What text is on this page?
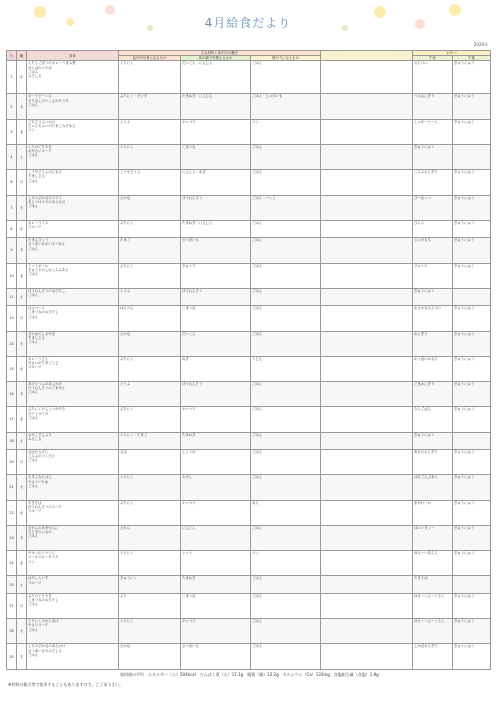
4月給食だより
2020年
日	曜	昼食	主な材料と体内での働き				おやつ	
			血や肉や骨になるもの	体の調子を整えるもの	熱や力になるもの		午前	午後
1	水	とりとごぼうのカレーうまみ煮
かんぱのいため
ごはん
みそしる	とりにく	だいこん・にんじん	ごはん		せんべい	ぎゅうにゅう
2	木	ポークビーンズ
きりぼしだいこんのサラダ
ごはん	ぶたにく・だいず	たまねぎ・にんじん	ごはん・じゃがいも		つるおにぎり	ぎゅうにゅう
3	金	ごちそうぶっかけ
ちゃんちゃいのたまごみそあえ
パン	とうふ	キャベツ	パン		しゃがーとーと	ぎゅうにゅう
4	土	とりのてりやき
おやさいスープ
ごはん	とりにく	こまつな	ごはん		ぎゅうにゅう	
6	月	こうやどうふのにもの
すましじる
ごはん	こうやどうふ	にんじん・ねぎ	ごはん		こんぶおにぎり	ぎゅうにゅう
7	火	しろみざかなのフライ
あじつけのりのあえもの
ごはん	さかな	ほうれんそう	ごはん・パンこ		ぴーなっつ	ぎゅうにゅう
8	水	カレーライス
フルーツ	ぶたにく	たまねぎ・にんじん	ごはん		ひらら	ぎゅうにゅう
9	木	たまんぴょう
さつまいものいそべあえ
ごはん	たまご	さつまいも	ごはん		じゃがもち	ぎゅうにゅう
10	金	ミートボール
きゅうりのしおこんぶあえ
ごはん	ぶたにく	きゅうり	ごはん		フルーツ	ぎゅうにゅう
11	土	ほうれんそうのおひたし
ごはん	とうふ	ほうれんそう	ごはん		ぎゅうにゅう	
13	月	はんぺーぐ
こまつなのおひたし
ごはん	はんぺん	こまつな	ごはん		おさかなせんべい	ぎゅうにゅう
14	火	さかなのしおやき
すましじる
ごはん	さかな	だいこん	ごはん		おにぎり	ぎゅうにゅう
15	水	カレーうどん
やさいのたまごとじ
フルーツ	ぶたにく	ねぎ	うどん		おうぼいおもち	ぎゅうにゅう
16	木	あげとうふのあんかけ
ほうれんそうのごまあえ
ごはん	とうふ	ほうれんそう	ごはん		ごまおにぎり	ぎゅうにゅう
17	金	ぶたにくのしょうがやき
ポテトサラダ
ごはん	ぶたにく	キャベツ	ごはん		りんごぱん	ぎゅうにゅう
18	土	おやこどんぶり
みそしる	とりにく・たまご	たまねぎ	ごはん		ぎゅうにゅう	
20	月	さばのみそに
こんぶのつくだに
ごはん	さば	しょうが	ごはん		あさのおにぎり	ぎゅうにゅう
21	火	ちきんなんばん
やさいいため
ごはん	とりにく	もやし	ごはん		はなごんぶまん	ぎゅうにゅう
22	水	やきそば
ほうれんそうのスープ
フルーツ	ぶたにく	キャベツ	めん		まぜわーお	ぎゅうにゅう
23	木	さわらのあまからに
ひじきのにもの
ごはん	さわら	にんじん	ごはん		はいいきくー	ぎゅうにゅう
24	金	チキンのトマトに
コールスローサラダ
パン	とりにく	トマト	パン		ゆるーつあんん	ぎゅうにゅう
25	土	はやしらいす
フルーツ	ぎゅうにく	たまねぎ	ごはん		やきそば	
27	月	ぶりのてりやき
こまつなのおひたし
ごはん	ぶり	こまつな	ごはん		ゆるーつよーぐると	ぎゅうにゅう
28	火	とりにくのからあげ
やさいスープ
ごはん	とりにく	キャベツ	ごはん		ゆるーつよーぐると	ぎゅうにゅう
30	木	しろみざかなのあんかけ
さつまいものみそしる
ごはん	さかな	さつまいも	ごはん		しかぼおにぎり	ぎゅうにゅう
第四週の平均　エネルギー（エ）504kcal　たんぱく質（た）17.1g　脂質（脂）12.2g　カルシウム（Ca）133mg　食塩相当量（食塩）1.9g
※材料の都合等で変更することもありますので、ご了承下さい。
